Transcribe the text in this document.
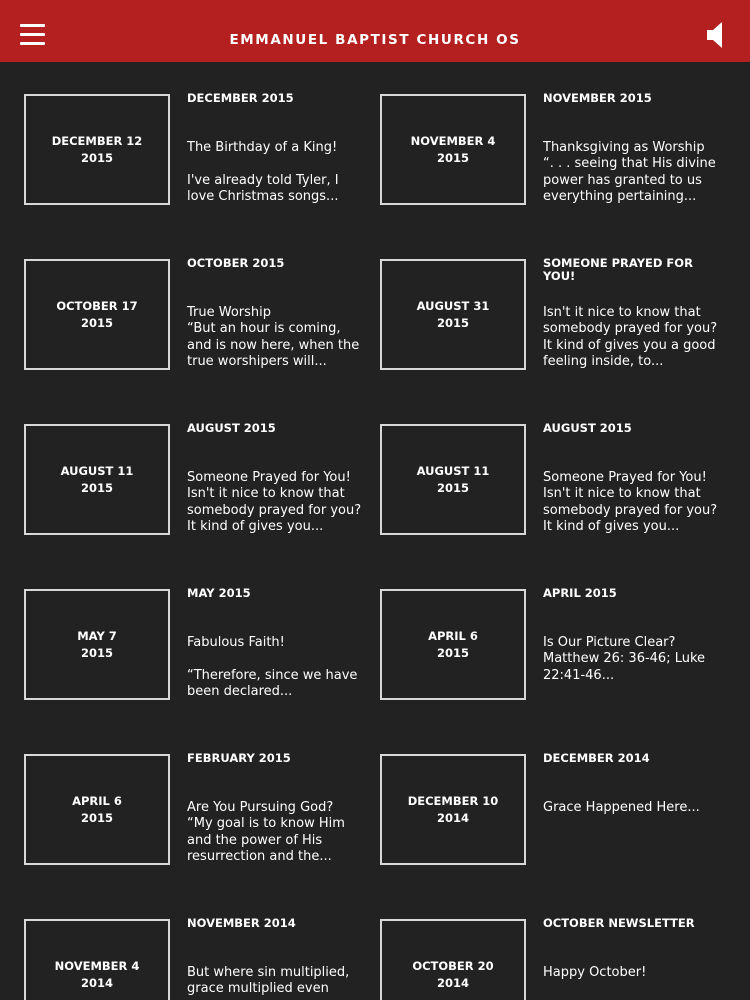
EMMANUEL BAPTIST CHURCH OS
DECEMBER 12
2015
DECEMBER 2015
The Birthday of a King!

I've already told Tyler, I love Christmas songs...
NOVEMBER 4
2015
NOVEMBER 2015
Thanksgiving as Worship
“. . . seeing that His divine power has granted to us everything pertaining...
OCTOBER 17
2015
OCTOBER 2015
True Worship
“But an hour is coming, and is now here, when the true worshipers will...
AUGUST 31
2015
SOMEONE PRAYED FOR YOU!
Isn't it nice to know that somebody prayed for you? It kind of gives you a good feeling inside, to...
AUGUST 11
2015
AUGUST 2015
Someone Prayed for You!
Isn't it nice to know that somebody prayed for you? It kind of gives you...
AUGUST 11
2015
AUGUST 2015
Someone Prayed for You!
Isn't it nice to know that somebody prayed for you? It kind of gives you...
MAY 7
2015
MAY 2015
Fabulous Faith!

“Therefore, since we have been declared...
APRIL 6
2015
APRIL 2015
Is Our Picture Clear?
Matthew 26: 36-46; Luke 22:41-46...
APRIL 6
2015
FEBRUARY 2015
Are You Pursuing God?
“My goal is to know Him and the power of His resurrection and the...
DECEMBER 10
2014
DECEMBER 2014
Grace Happened Here...
NOVEMBER 4
2014
NOVEMBER 2014
But where sin multiplied, grace multiplied even
OCTOBER 20
2014
OCTOBER NEWSLETTER
Happy October!
